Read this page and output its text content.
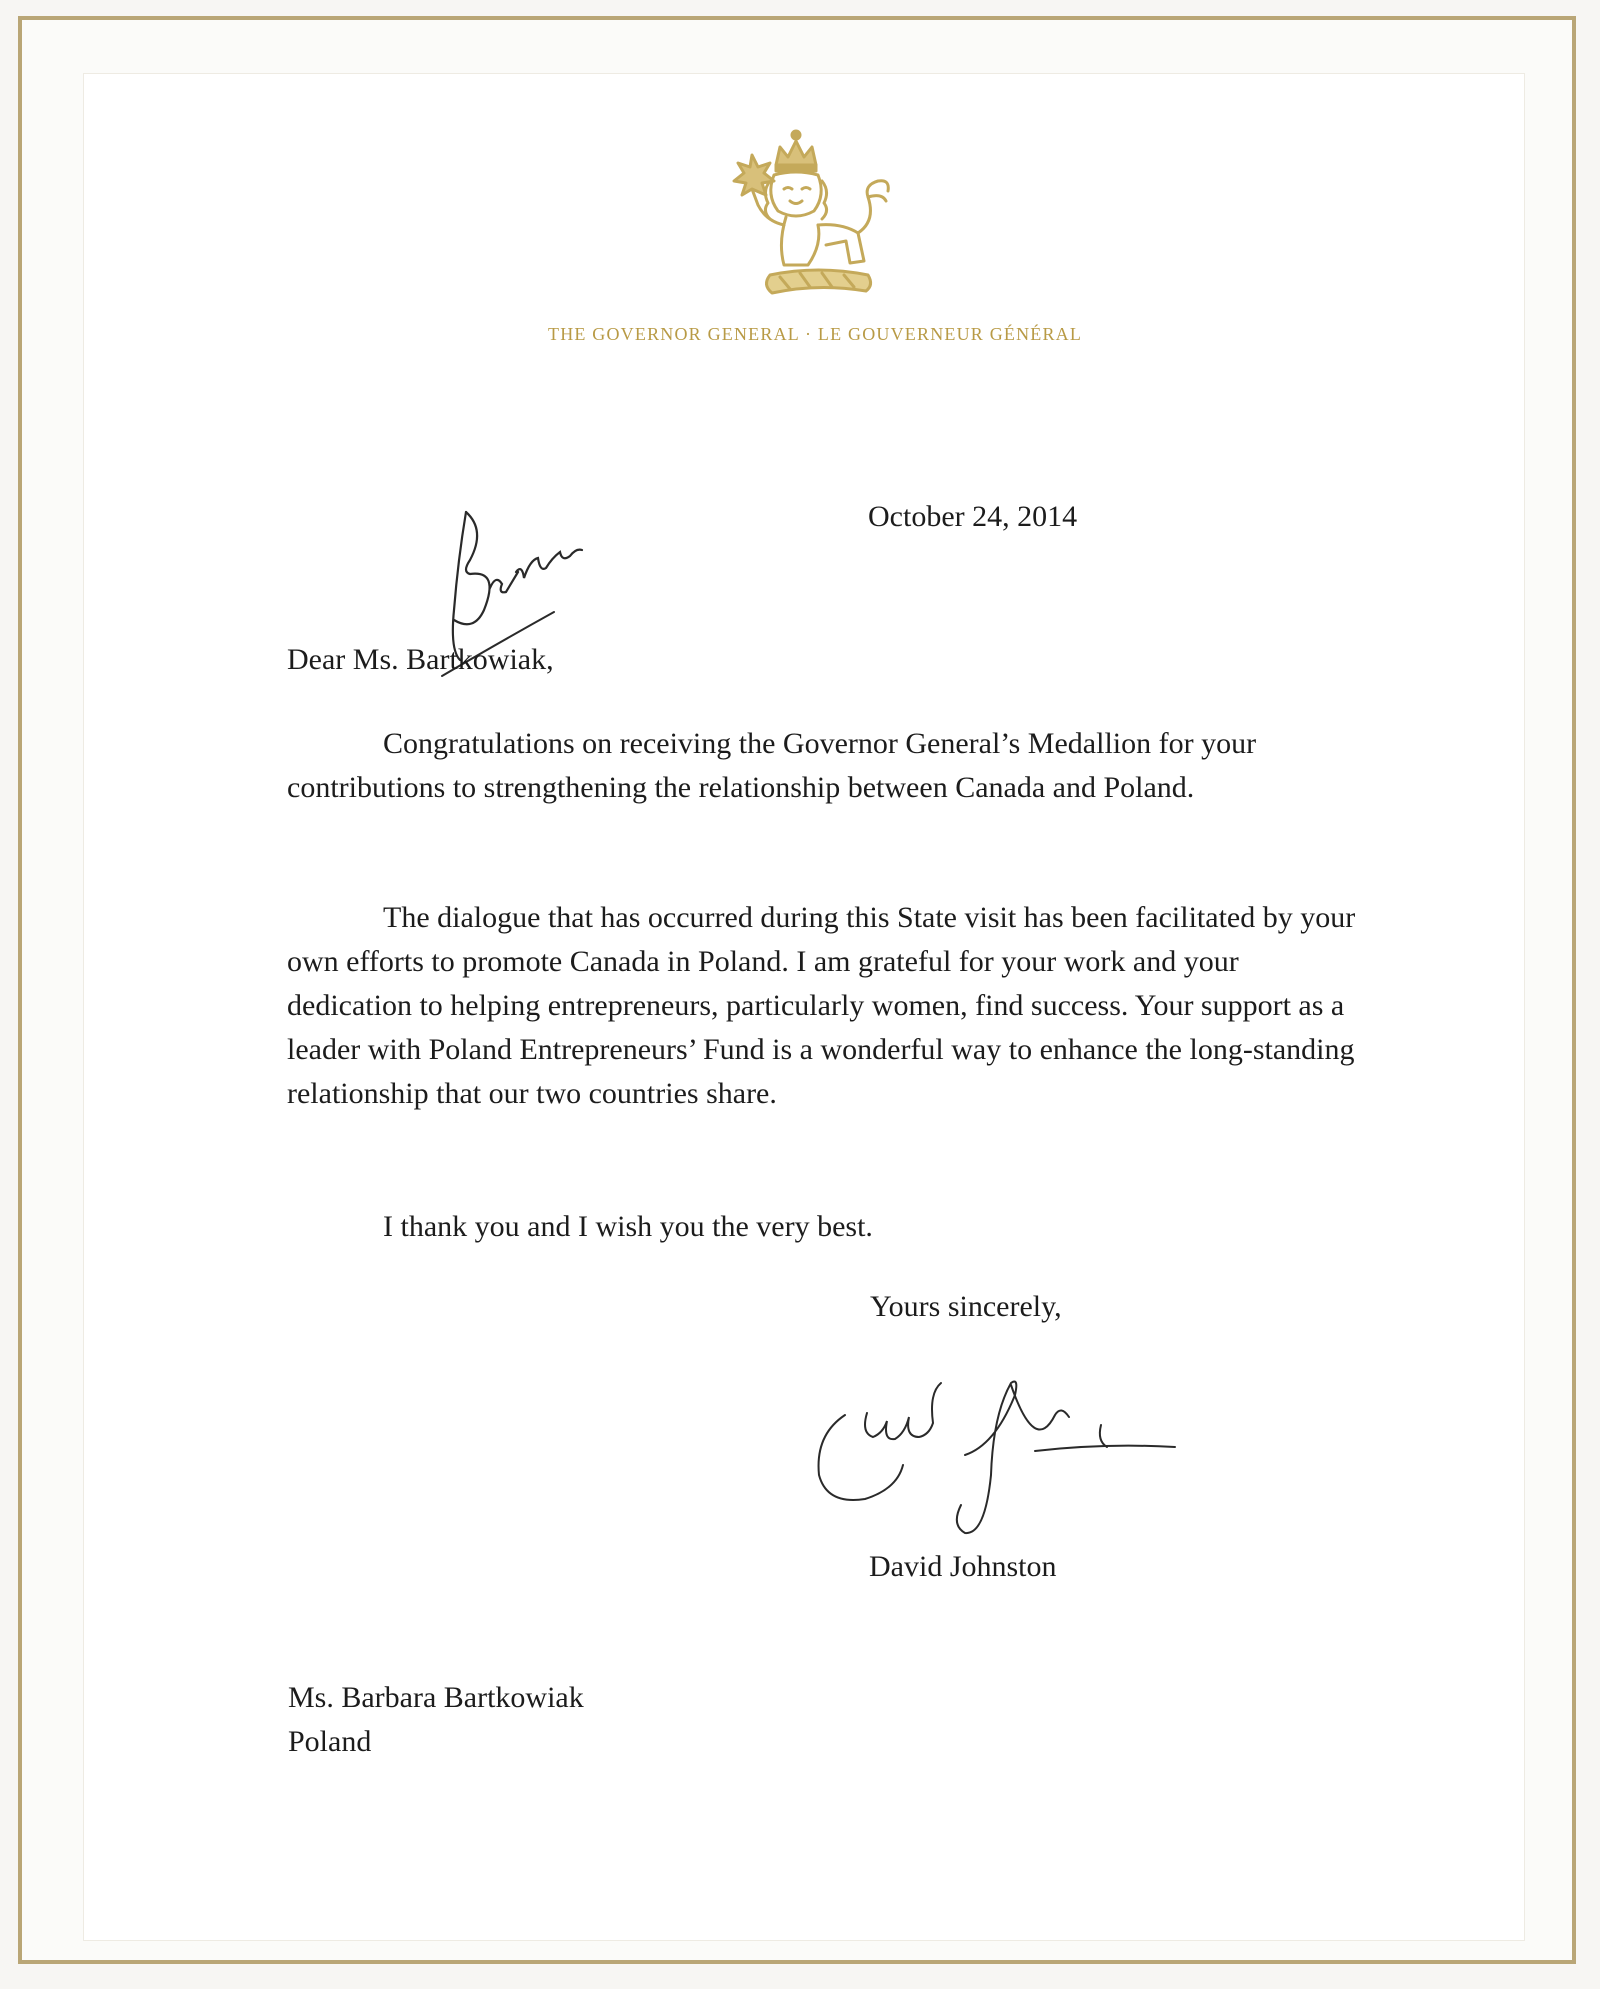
THE GOVERNOR GENERAL · LE GOUVERNEUR GÉNÉRAL
October 24, 2014
Dear Ms. Bartkowiak,

Congratulations on receiving the Governor General’s Medallion for your contributions to strengthening the relationship between Canada and Poland.

The dialogue that has occurred during this State visit has been facilitated by your own efforts to promote Canada in Poland. I am grateful for your work and your dedication to helping entrepreneurs, particularly women, find success. Your support as a leader with Poland Entrepreneurs’ Fund is a wonderful way to enhance the long-standing relationship that our two countries share.

I thank you and I wish you the very best.

Yours sincerely,
David Johnston
Ms. Barbara Bartkowiak
Poland
